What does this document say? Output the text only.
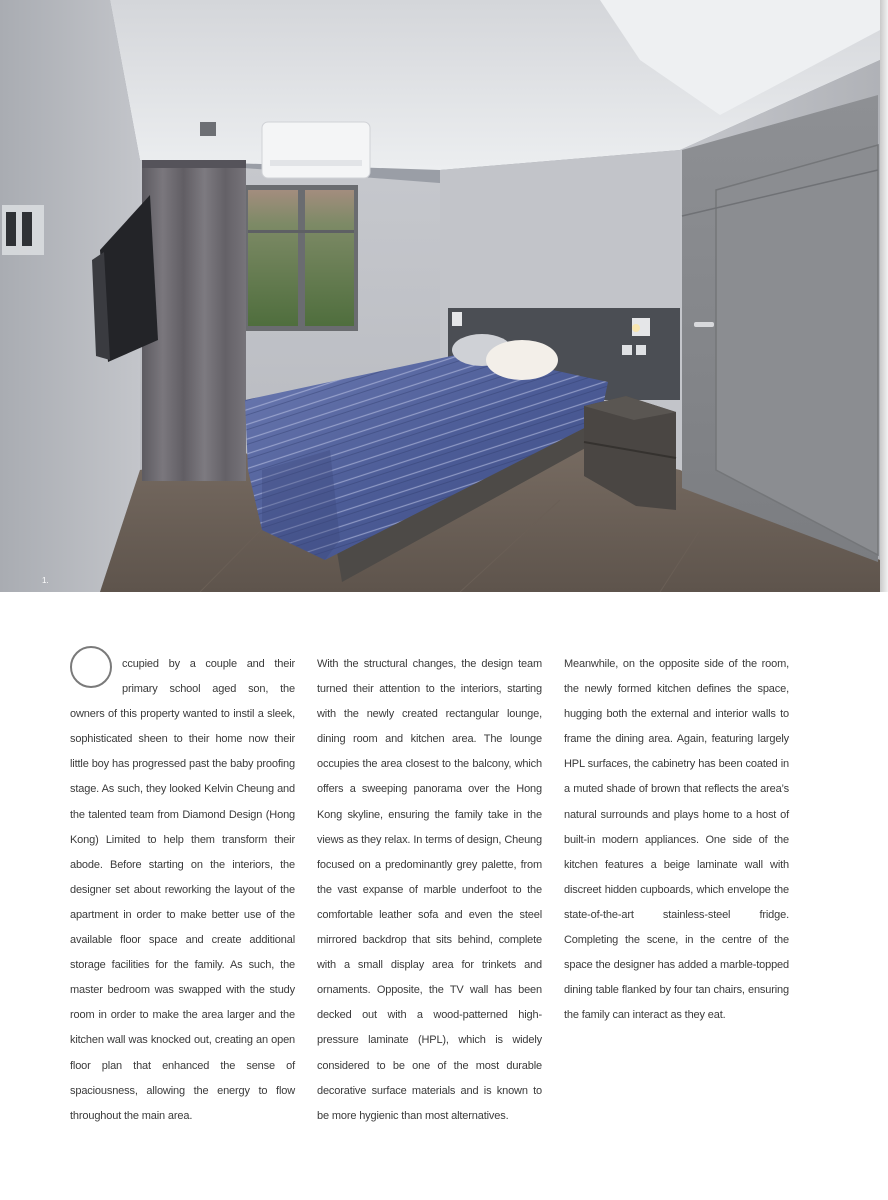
1.

ccupied by a couple and their primary school aged son, the owners of this property wanted to instil a sleek, sophisticated sheen to their home now their little boy has progressed past the baby proofing stage. As such, they looked Kelvin Cheung and the talented team from Diamond Design (Hong Kong) Limited to help them transform their abode. Before starting on the interiors, the designer set about reworking the layout of the apartment in order to make better use of the available floor space and create additional storage facilities for the family. As such, the master bedroom was swapped with the study room in order to make the area larger and the kitchen wall was knocked out, creating an open floor plan that enhanced the sense of spaciousness, allowing the energy to flow throughout the main area.

With the structural changes, the design team turned their attention to the interiors, starting with the newly created rectangular lounge, dining room and kitchen area. The lounge occupies the area closest to the balcony, which offers a sweeping panorama over the Hong Kong skyline, ensuring the family take in the views as they relax. In terms of design, Cheung focused on a predominantly grey palette, from the vast expanse of marble underfoot to the comfortable leather sofa and even the steel mirrored backdrop that sits behind, complete with a small display area for trinkets and ornaments. Opposite, the TV wall has been decked out with a wood-patterned high-pressure laminate (HPL), which is widely considered to be one of the most durable decorative surface materials and is known to be more hygienic than most alternatives.

Meanwhile, on the opposite side of the room, the newly formed kitchen defines the space, hugging both the external and interior walls to frame the dining area. Again, featuring largely HPL surfaces, the cabinetry has been coated in a muted shade of brown that reflects the area’s natural surrounds and plays home to a host of built-in modern appliances. One side of the kitchen features a beige laminate wall with discreet hidden cupboards, which envelope the state-of-the-art stainless-steel fridge. Completing the scene, in the centre of the space the designer has added a marble-topped dining table flanked by four tan chairs, ensuring the family can interact as they eat.
